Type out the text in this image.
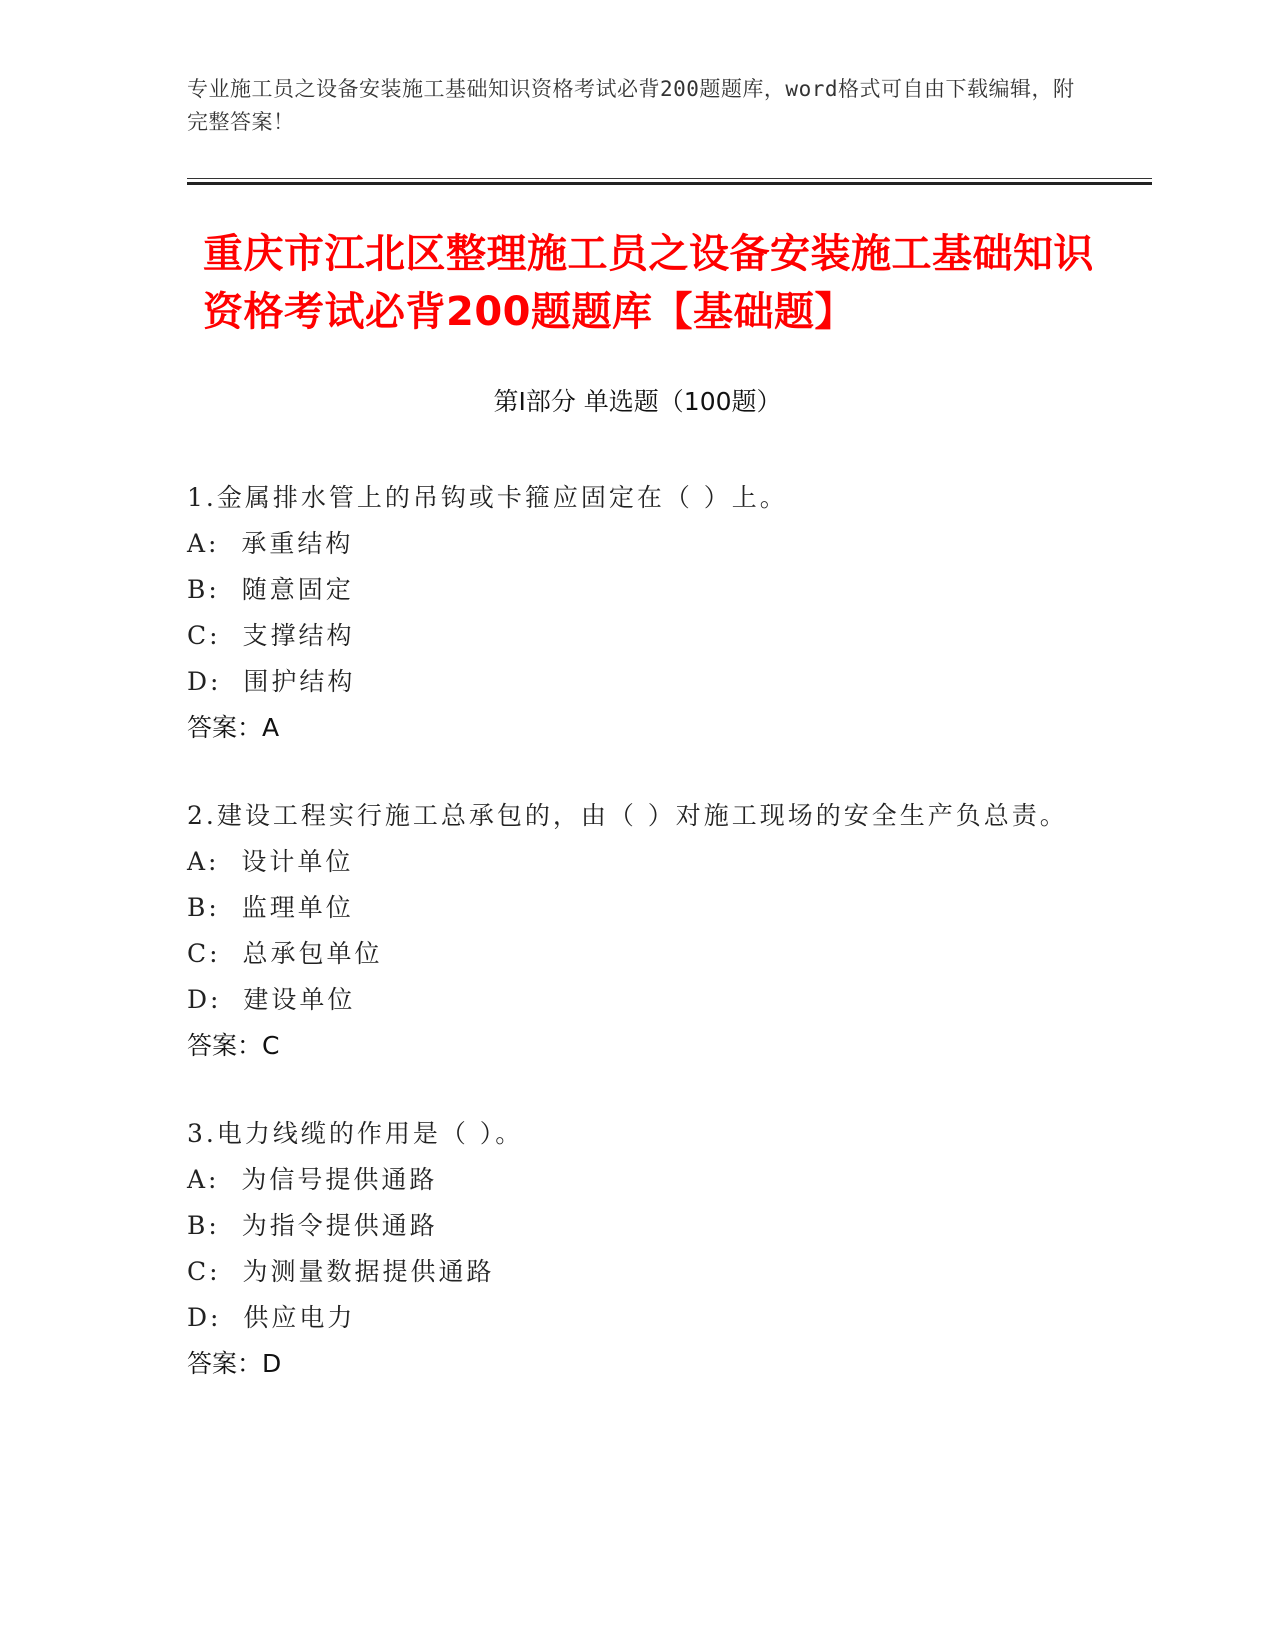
专业施工员之设备安装施工基础知识资格考试必背200题题库，word格式可自由下载编辑，附完整答案！
重庆市江北区整理施工员之设备安装施工基础知识资格考试必背200题题库【基础题】
第I部分 单选题（100题）
1.金属排水管上的吊钩或卡箍应固定在（ ）上。
A:  承重结构
B:  随意固定
C:  支撑结构
D:  围护结构
答案：A
2.建设工程实行施工总承包的，由（ ）对施工现场的安全生产负总责。
A:  设计单位
B:  监理单位
C:  总承包单位
D:  建设单位
答案：C
3.电力线缆的作用是（ ）。
A:  为信号提供通路
B:  为指令提供通路
C:  为测量数据提供通路
D:  供应电力
答案：D
